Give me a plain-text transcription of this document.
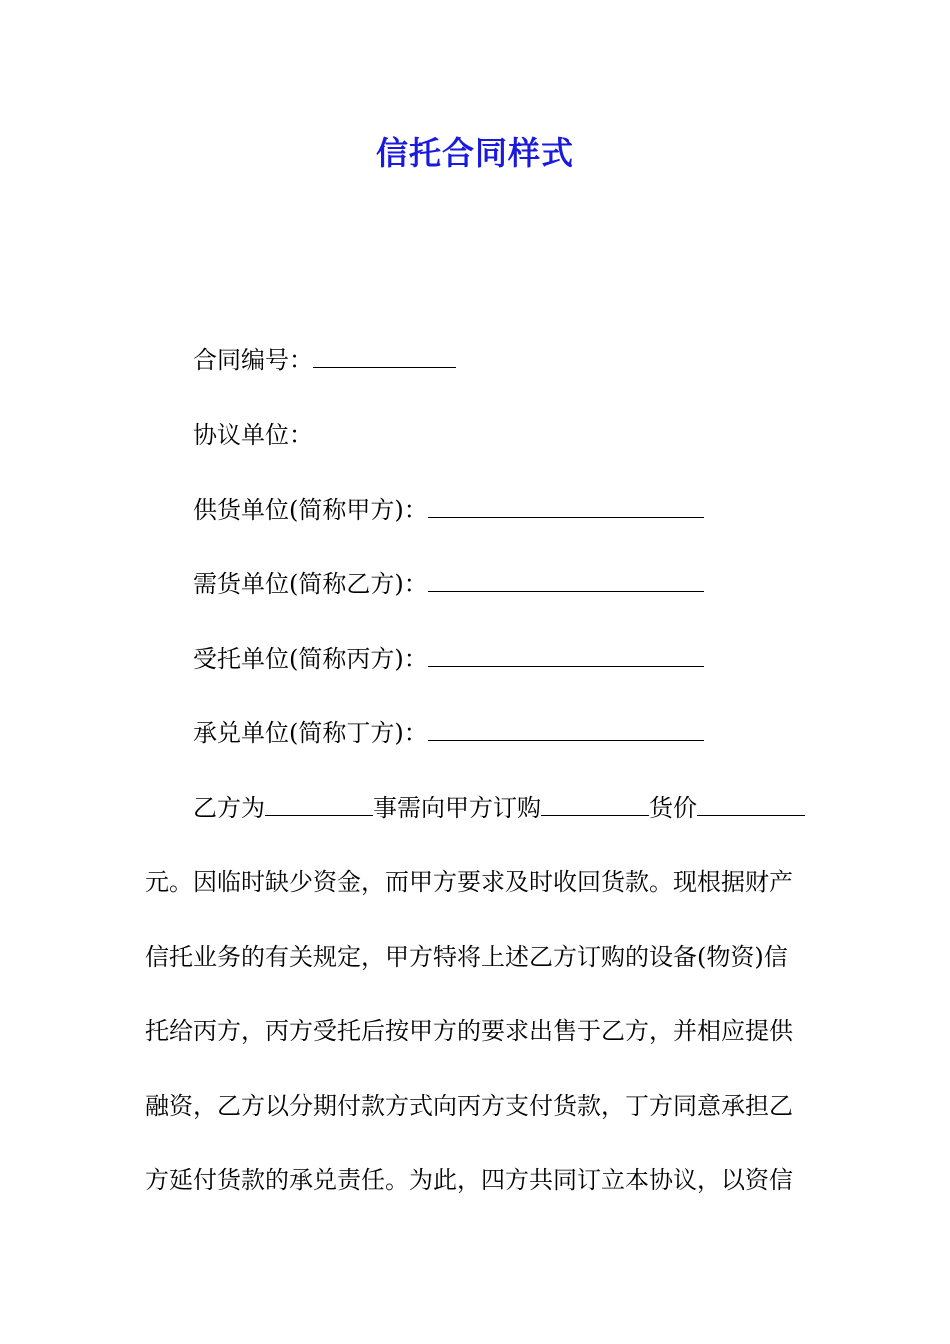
信托合同样式
合同编号：
协议单位：
供货单位(简称甲方)：
需货单位(简称乙方)：
受托单位(简称丙方)：
承兑单位(简称丁方)：
乙方为	事需向甲方订购	货价
元。因临时缺少资金，而甲方要求及时收回货款。现根据财产
信托业务的有关规定，甲方特将上述乙方订购的设备(物资)信
托给丙方，丙方受托后按甲方的要求出售于乙方，并相应提供
融资，乙方以分期付款方式向丙方支付货款，丁方同意承担乙
方延付货款的承兑责任。为此，四方共同订立本协议，以资信
